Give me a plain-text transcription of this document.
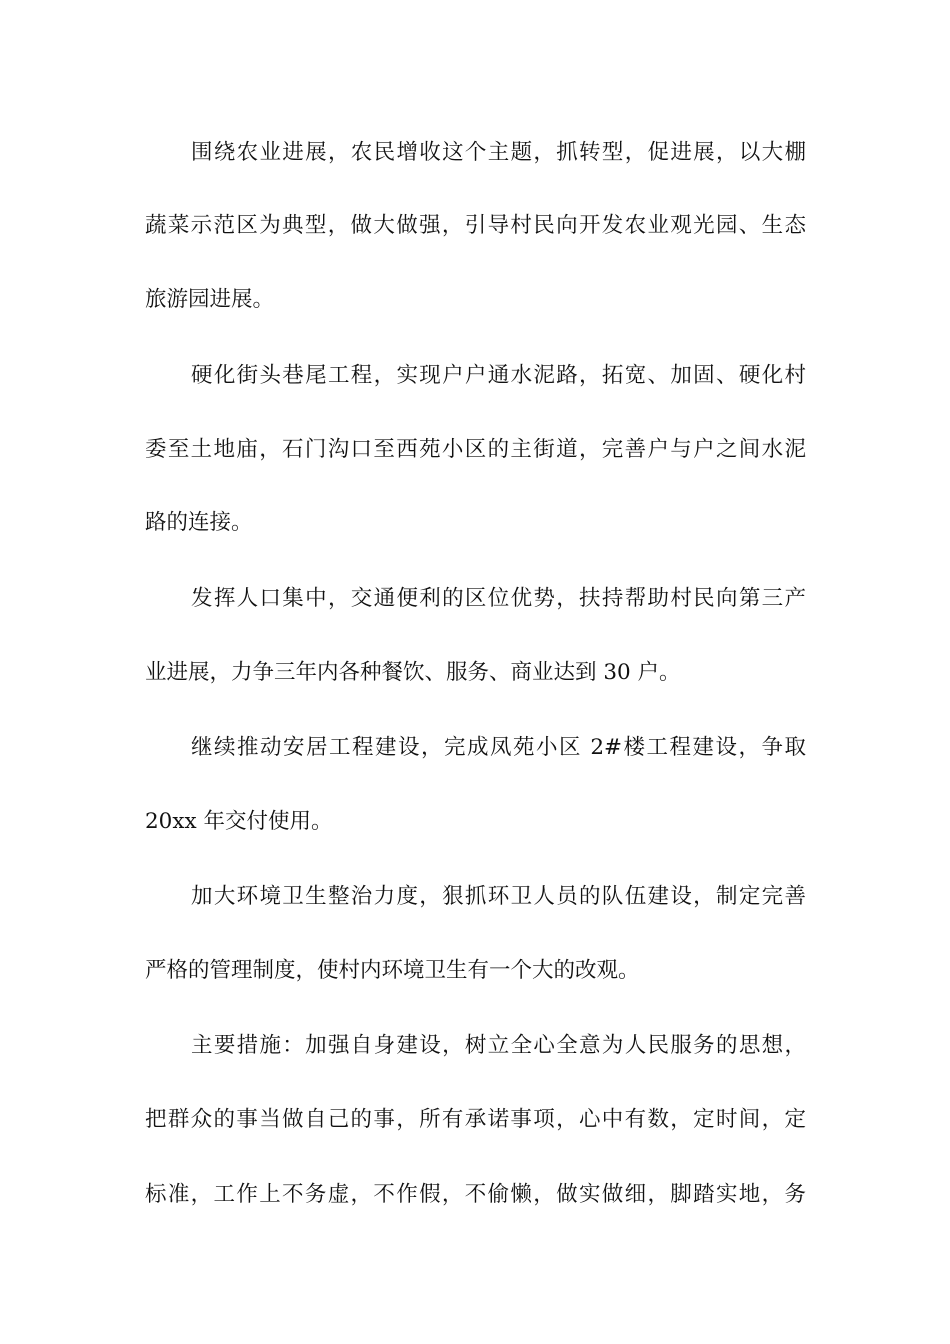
围绕农业进展，农民增收这个主题，抓转型，促进展，以大棚
蔬菜示范区为典型，做大做强，引导村民向开发农业观光园、生态
旅游园进展。
硬化街头巷尾工程，实现户户通水泥路，拓宽、加固、硬化村
委至土地庙，石门沟口至西苑小区的主街道，完善户与户之间水泥
路的连接。
发挥人口集中，交通便利的区位优势，扶持帮助村民向第三产
业进展，力争三年内各种餐饮、服务、商业达到 30 户。
继续推动安居工程建设，完成凤苑小区 2#楼工程建设，争取
20xx 年交付使用。
加大环境卫生整治力度，狠抓环卫人员的队伍建设，制定完善
严格的管理制度，使村内环境卫生有一个大的改观。
主要措施：加强自身建设，树立全心全意为人民服务的思想，
把群众的事当做自己的事，所有承诺事项，心中有数，定时间，定
标准，工作上不务虚，不作假，不偷懒，做实做细，脚踏实地，务
